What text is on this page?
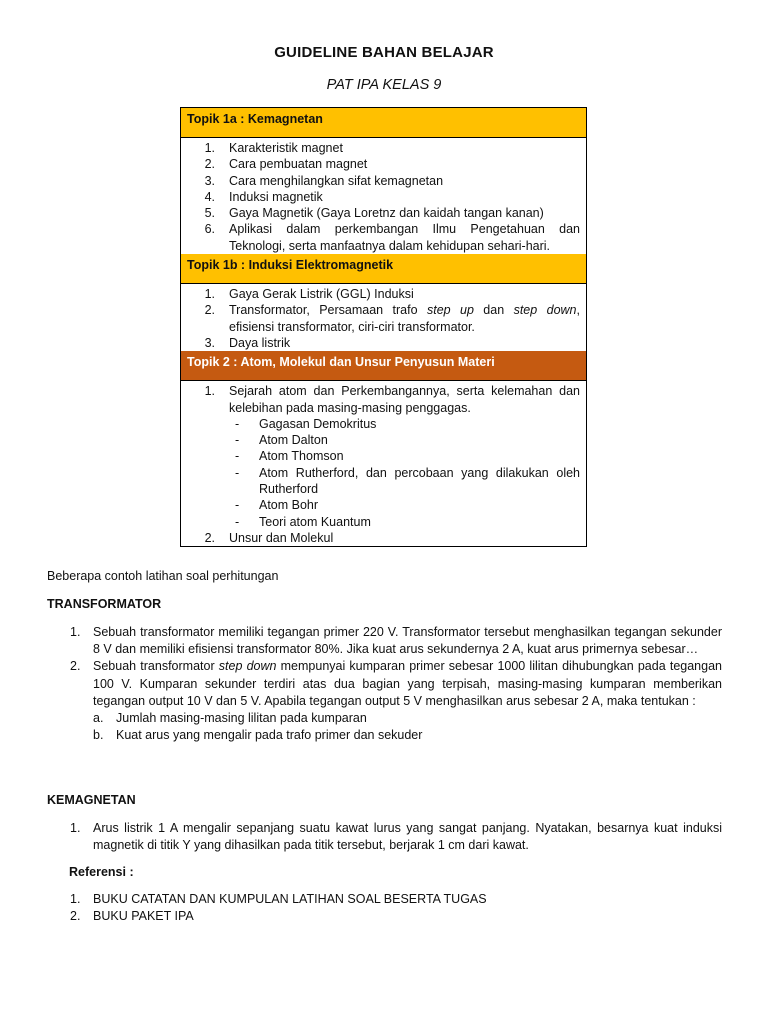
GUIDELINE BAHAN BELAJAR
PAT IPA KELAS 9
Topik 1a : Kemagnetan
1.	Karakteristik magnet
2.	Cara pembuatan magnet
3.	Cara menghilangkan sifat kemagnetan
4.	Induksi magnetik
5.	Gaya Magnetik (Gaya Loretnz dan kaidah tangan kanan)
6.	Aplikasi dalam perkembangan Ilmu Pengetahuan dan Teknologi, serta manfaatnya dalam kehidupan sehari-hari.
Topik 1b : Induksi Elektromagnetik
1.	Gaya Gerak Listrik (GGL) Induksi
2.	Transformator, Persamaan trafo step up dan step down, efisiensi transformator, ciri-ciri transformator.
3.	Daya listrik
Topik 2 : Atom, Molekul dan Unsur Penyusun Materi
1.	Sejarah atom dan Perkembangannya, serta kelemahan dan kelebihan pada masing-masing penggagas.
-	Gagasan Demokritus
-	Atom Dalton
-	Atom Thomson
-	Atom Rutherford, dan percobaan yang dilakukan oleh Rutherford
-	Atom Bohr
-	Teori atom Kuantum
2.	Unsur dan Molekul
Beberapa contoh latihan soal perhitungan
TRANSFORMATOR
1.	Sebuah transformator memiliki tegangan primer 220 V. Transformator tersebut menghasilkan tegangan sekunder 8 V dan memiliki efisiensi transformator 80%. Jika kuat arus sekundernya 2 A, kuat arus primernya sebesar…
2.	Sebuah transformator step down mempunyai kumparan primer sebesar 1000 lilitan dihubungkan pada tegangan 100 V. Kumparan sekunder terdiri atas dua bagian yang terpisah, masing-masing kumparan memberikan tegangan output 10 V dan 5 V. Apabila tegangan output 5 V menghasilkan arus sebesar 2 A, maka tentukan :
a.	Jumlah masing-masing lilitan pada kumparan
b.	Kuat arus yang mengalir pada trafo primer dan sekuder
KEMAGNETAN
1.	Arus listrik 1 A mengalir sepanjang suatu kawat lurus yang sangat panjang. Nyatakan, besarnya kuat induksi magnetik di titik Y yang dihasilkan pada titik tersebut, berjarak 1 cm dari kawat.
Referensi :
1.	BUKU CATATAN DAN KUMPULAN LATIHAN SOAL BESERTA TUGAS
2.	BUKU PAKET IPA
